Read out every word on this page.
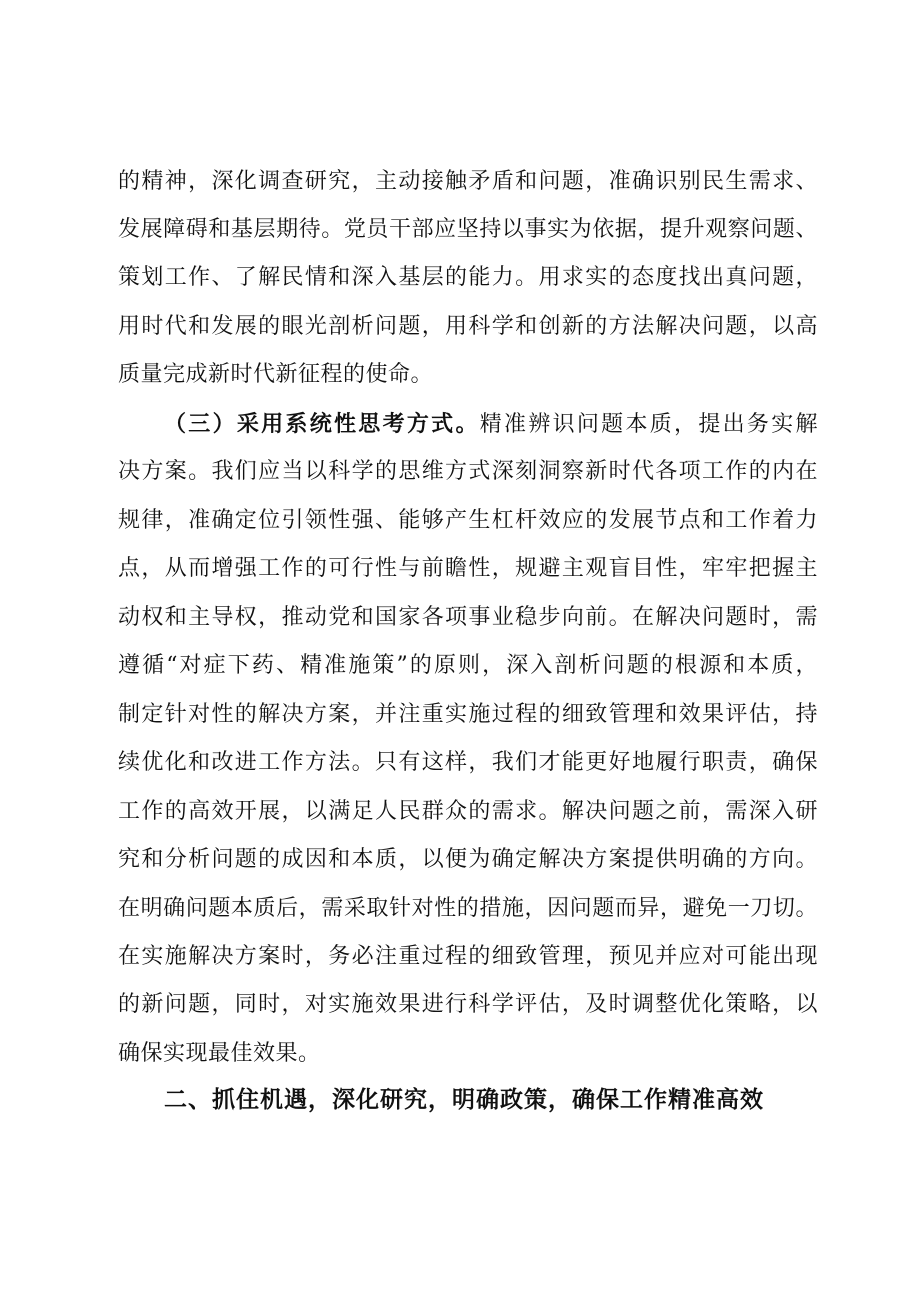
的精神，深化调查研究，主动接触矛盾和问题，准确识别民生需求、
发展障碍和基层期待。党员干部应坚持以事实为依据，提升观察问题、
策划工作、了解民情和深入基层的能力。用求实的态度找出真问题，
用时代和发展的眼光剖析问题，用科学和创新的方法解决问题，以高
质量完成新时代新征程的使命。
（三）采用系统性思考方式。精准辨识问题本质，提出务实解
决方案。我们应当以科学的思维方式深刻洞察新时代各项工作的内在
规律，准确定位引领性强、能够产生杠杆效应的发展节点和工作着力
点，从而增强工作的可行性与前瞻性，规避主观盲目性，牢牢把握主
动权和主导权，推动党和国家各项事业稳步向前。在解决问题时，需
遵循“对症下药、精准施策”的原则，深入剖析问题的根源和本质，
制定针对性的解决方案，并注重实施过程的细致管理和效果评估，持
续优化和改进工作方法。只有这样，我们才能更好地履行职责，确保
工作的高效开展，以满足人民群众的需求。解决问题之前，需深入研
究和分析问题的成因和本质，以便为确定解决方案提供明确的方向。
在明确问题本质后，需采取针对性的措施，因问题而异，避免一刀切。
在实施解决方案时，务必注重过程的细致管理，预见并应对可能出现
的新问题，同时，对实施效果进行科学评估，及时调整优化策略，以
确保实现最佳效果。
二、抓住机遇，深化研究，明确政策，确保工作精准高效
